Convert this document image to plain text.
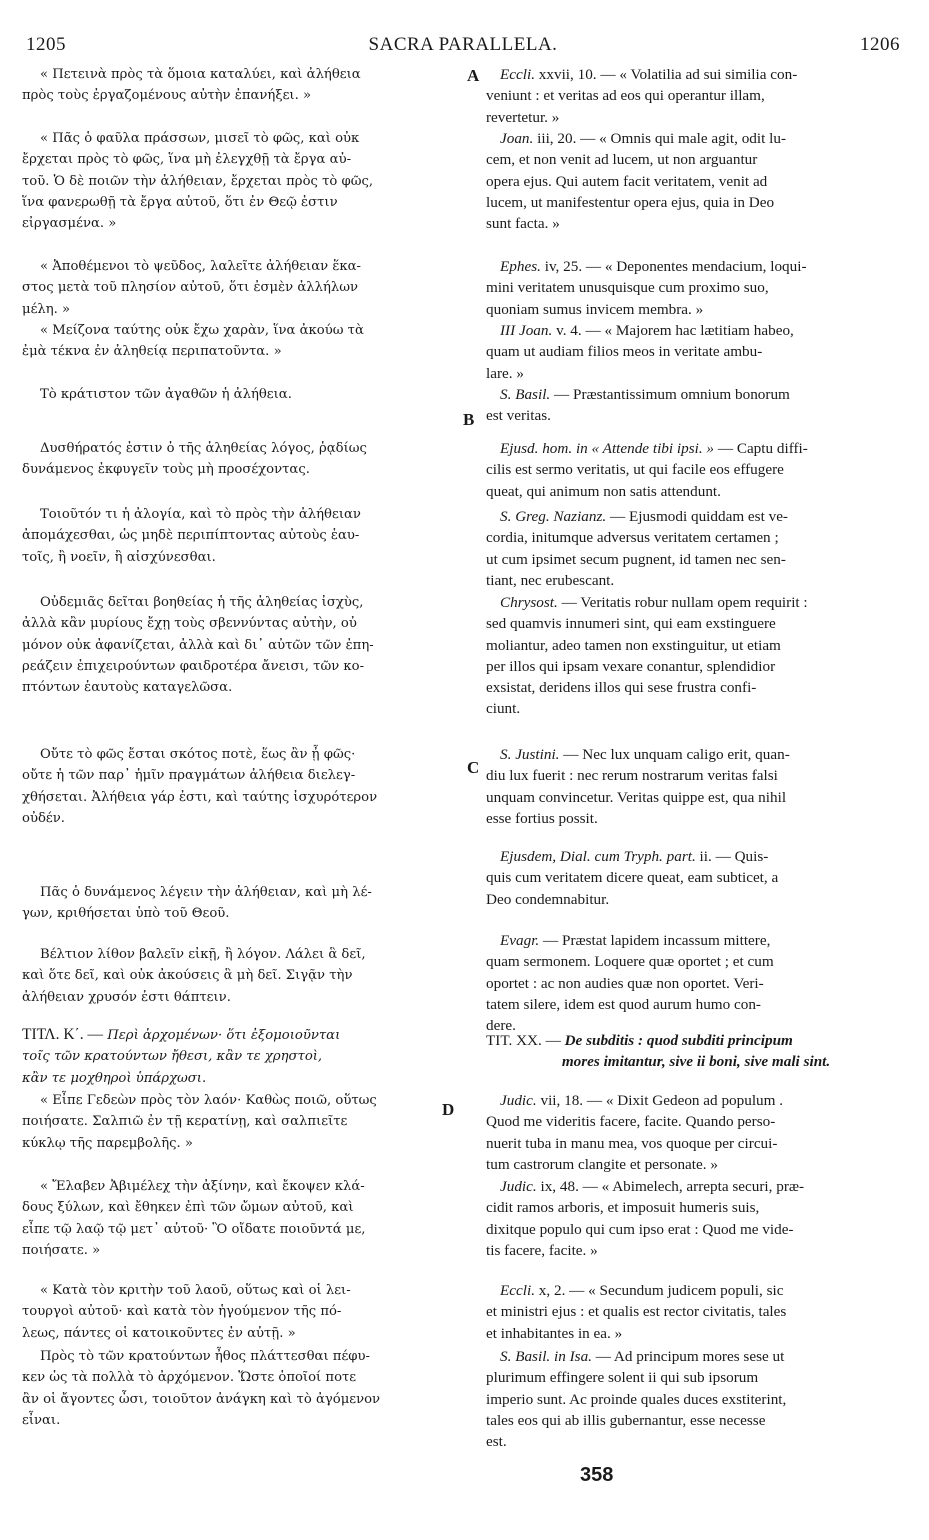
1205	SACRA PARALLELA.	1206
A
B
C
D
« Πετεινὰ πρὸς τὰ ὅμοια καταλύει, καὶ ἀλήθεια
πρὸς τοὺς ἐργαζομένους αὐτὴν ἐπανήξει. »
« Πᾶς ὁ φαῦλα πράσσων, μισεῖ τὸ φῶς, καὶ οὐκ
ἔρχεται πρὸς τὸ φῶς, ἵνα μὴ ἐλεγχθῇ τὰ ἔργα αὐ-
τοῦ. Ὁ δὲ ποιῶν τὴν ἀλήθειαν, ἔρχεται πρὸς τὸ φῶς,
ἵνα φανερωθῇ τὰ ἔργα αὐτοῦ, ὅτι ἐν Θεῷ ἐστιν
εἰργασμένα. »
« Ἀποθέμενοι τὸ ψεῦδος, λαλεῖτε ἀλήθειαν ἕκα-
στος μετὰ τοῦ πλησίον αὐτοῦ, ὅτι ἐσμὲν ἀλλήλων
μέλη. »
« Μείζονα ταύτης οὐκ ἔχω χαρὰν, ἵνα ἀκούω τὰ
ἐμὰ τέκνα ἐν ἀληθείᾳ περιπατοῦντα. »
Τὸ κράτιστον τῶν ἀγαθῶν ἡ ἀλήθεια.
Δυσθήρατός ἐστιν ὁ τῆς ἀληθείας λόγος, ῥᾳδίως
δυνάμενος ἐκφυγεῖν τοὺς μὴ προσέχοντας.
Τοιοῦτόν τι ἡ ἀλογία, καὶ τὸ πρὸς τὴν ἀλήθειαν
ἀπομάχεσθαι, ὡς μηδὲ περιπίπτοντας αὐτοὺς ἑαυ-
τοῖς, ἢ νοεῖν, ἢ αἰσχύνεσθαι.
Οὐδεμιᾶς δεῖται βοηθείας ἡ τῆς ἀληθείας ἰσχὺς,
ἀλλὰ κἂν μυρίους ἔχῃ τοὺς σβεννύντας αὐτὴν, οὐ
μόνον οὐκ ἀφανίζεται, ἀλλὰ καὶ δι᾽ αὐτῶν τῶν ἐπη-
ρεάζειν ἐπιχειρούντων φαιδροτέρα ἄνεισι, τῶν κο-
πτόντων ἑαυτοὺς καταγελῶσα.
Οὔτε τὸ φῶς ἔσται σκότος ποτὲ, ἕως ἂν ᾖ φῶς·
οὔτε ἡ τῶν παρ᾽ ἡμῖν πραγμάτων ἀλήθεια διελεγ-
χθήσεται. Ἀλήθεια γάρ ἐστι, καὶ ταύτης ἰσχυρότερον
οὐδέν.
Πᾶς ὁ δυνάμενος λέγειν τὴν ἀλήθειαν, καὶ μὴ λέ-
γων, κριθήσεται ὑπὸ τοῦ Θεοῦ.
Βέλτιον λίθον βαλεῖν εἰκῇ, ἢ λόγον. Λάλει ἃ δεῖ,
καὶ ὅτε δεῖ, καὶ οὐκ ἀκούσεις ἃ μὴ δεῖ. Σιγᾷν τὴν
ἀλήθειαν χρυσόν ἐστι θάπτειν.
ΤΙΤΛ. Κ΄. — Περὶ ἀρχομένων· ὅτι ἐξομοιοῦνται
τοῖς τῶν κρατούντων ἤθεσι, κἂν τε χρηστοὶ,
κἂν τε μοχθηροὶ ὑπάρχωσι.
« Εἶπε Γεδεὼν πρὸς τὸν λαόν· Καθὼς ποιῶ, οὕτως
ποιήσατε. Σαλπιῶ ἐν τῇ κερατίνῃ, καὶ σαλπιεῖτε
κύκλῳ τῆς παρεμβολῆς. »
« Ἔλαβεν Ἀβιμέλεχ τὴν ἀξίνην, καὶ ἔκοψεν κλά-
δους ξύλων, καὶ ἔθηκεν ἐπὶ τῶν ὤμων αὐτοῦ, καὶ
εἶπε τῷ λαῷ τῷ μετ᾽ αὐτοῦ· Ὃ οἴδατε ποιοῦντά με,
ποιήσατε. »
« Κατὰ τὸν κριτὴν τοῦ λαοῦ, οὕτως καὶ οἱ λει-
τουργοὶ αὐτοῦ· καὶ κατὰ τὸν ἡγούμενον τῆς πό-
λεως, πάντες οἱ κατοικοῦντες ἐν αὐτῇ. »
Πρὸς τὸ τῶν κρατούντων ἦθος πλάττεσθαι πέφυ-
κεν ὡς τὰ πολλὰ τὸ ἀρχόμενον. Ὥστε ὁποῖοί ποτε
ἂν οἱ ἄγοντες ὦσι, τοιοῦτον ἀνάγκη καὶ τὸ ἀγόμενον
εἶναι.
Eccli. xxvii, 10. — « Volatilia ad sui similia con-
veniunt : et veritas ad eos qui operantur illam,
revertetur. »
Joan. iii, 20. — « Omnis qui male agit, odit lu-
cem, et non venit ad lucem, ut non arguantur
opera ejus. Qui autem facit veritatem, venit ad
lucem, ut manifestentur opera ejus, quia in Deo
sunt facta. »
Ephes. iv, 25. — « Deponentes mendacium, loqui-
mini veritatem unusquisque cum proximo suo,
quoniam sumus invicem membra. »
III Joan. v. 4. — « Majorem hac lætitiam habeo,
quam ut audiam filios meos in veritate ambu-
lare. »
S. Basil. — Præstantissimum omnium bonorum
est veritas.
Ejusd. hom. in « Attende tibi ipsi. » — Captu diffi-
cilis est sermo veritatis, ut qui facile eos effugere
queat, qui animum non satis attendunt.
S. Greg. Nazianz. — Ejusmodi quiddam est ve-
cordia, initumque adversus veritatem certamen ;
ut cum ipsimet secum pugnent, id tamen nec sen-
tiant, nec erubescant.
Chrysost. — Veritatis robur nullam opem requirit :
sed quamvis innumeri sint, qui eam exstinguere
moliantur, adeo tamen non exstinguitur, ut etiam
per illos qui ipsam vexare conantur, splendidior
exsistat, deridens illos qui sese frustra confi-
ciunt.
S. Justini. — Nec lux unquam caligo erit, quan-
diu lux fuerit : nec rerum nostrarum veritas falsi
unquam convincetur. Veritas quippe est, qua nihil
esse fortius possit.
Ejusdem, Dial. cum Tryph. part. ii. — Quis-
quis cum veritatem dicere queat, eam subticet, a
Deo condemnabitur.
Evagr. — Præstat lapidem incassum mittere,
quam sermonem. Loquere quæ oportet ; et cum
oportet : ac non audies quæ non oportet. Veri-
tatem silere, idem est quod aurum humo con-
dere.
TIT. XX. — De subditis : quod subditi principum
mores imitantur, sive ii boni, sive mali sint.
Judic. vii, 18. — « Dixit Gedeon ad populum .
Quod me videritis facere, facite. Quando perso-
nuerit tuba in manu mea, vos quoque per circui-
tum castrorum clangite et personate. »
Judic. ix, 48. — « Abimelech, arrepta securi, præ-
cidit ramos arboris, et imposuit humeris suis,
dixitque populo qui cum ipso erat : Quod me vide-
tis facere, facite. »
Eccli. x, 2. — « Secundum judicem populi, sic
et ministri ejus : et qualis est rector civitatis, tales
et inhabitantes in ea. »
S. Basil. in Isa. — Ad principum mores sese ut
plurimum effingere solent ii qui sub ipsorum
imperio sunt. Ac proinde quales duces exstiterint,
tales eos qui ab illis gubernantur, esse necesse
est.
358
